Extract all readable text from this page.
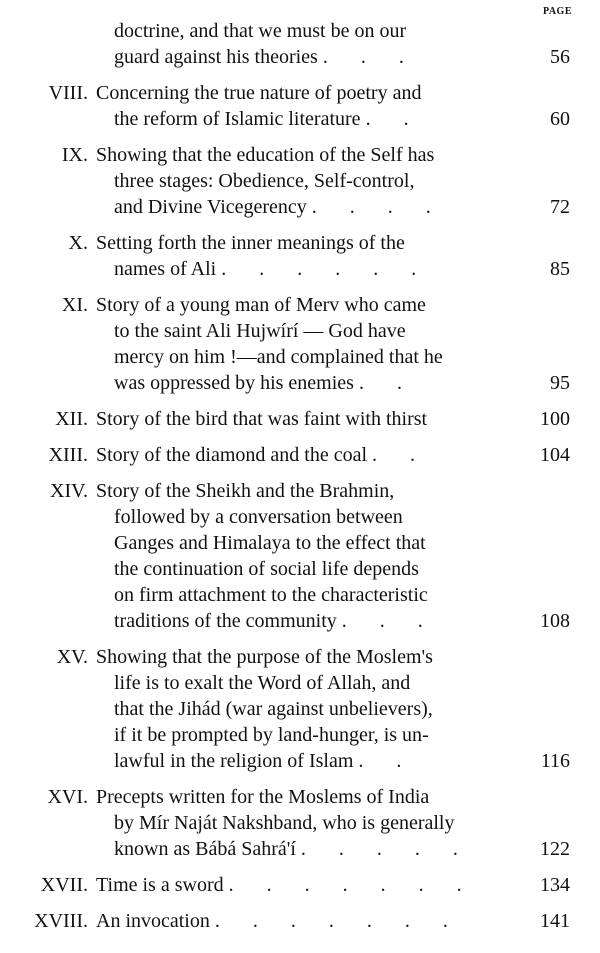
PAGE
doctrine, and that we must be on our
guard against his theories . . .	56
VIII. Concerning the true nature of poetry and
the reform of Islamic literature . .	60
IX. Showing that the education of the Self has
three stages: Obedience, Self-control,
and Divine Vicegerency . . . .	72
X. Setting forth the inner meanings of the
names of Ali . . . . . .	85
XI. Story of a young man of Merv who came
to the saint Ali Hujwírí — God have
mercy on him !—and complained that he
was oppressed by his enemies . .	95
XII. Story of the bird that was faint with thirst	100
XIII. Story of the diamond and the coal . .	104
XIV. Story of the Sheikh and the Brahmin,
followed by a conversation between
Ganges and Himalaya to the effect that
the continuation of social life depends
on firm attachment to the characteristic
traditions of the community . . .	108
XV. Showing that the purpose of the Moslem's
life is to exalt the Word of Allah, and
that the Jihád (war against unbelievers),
if it be prompted by land-hunger, is un-
lawful in the religion of Islam . .	116
XVI. Precepts written for the Moslems of India
by Mír Naját Nakshband, who is generally
known as Bábá Sahrá'í . . . . .	122
XVII. Time is a sword . . . . . . .	134
XVIII. An invocation . . . . . . .	141
